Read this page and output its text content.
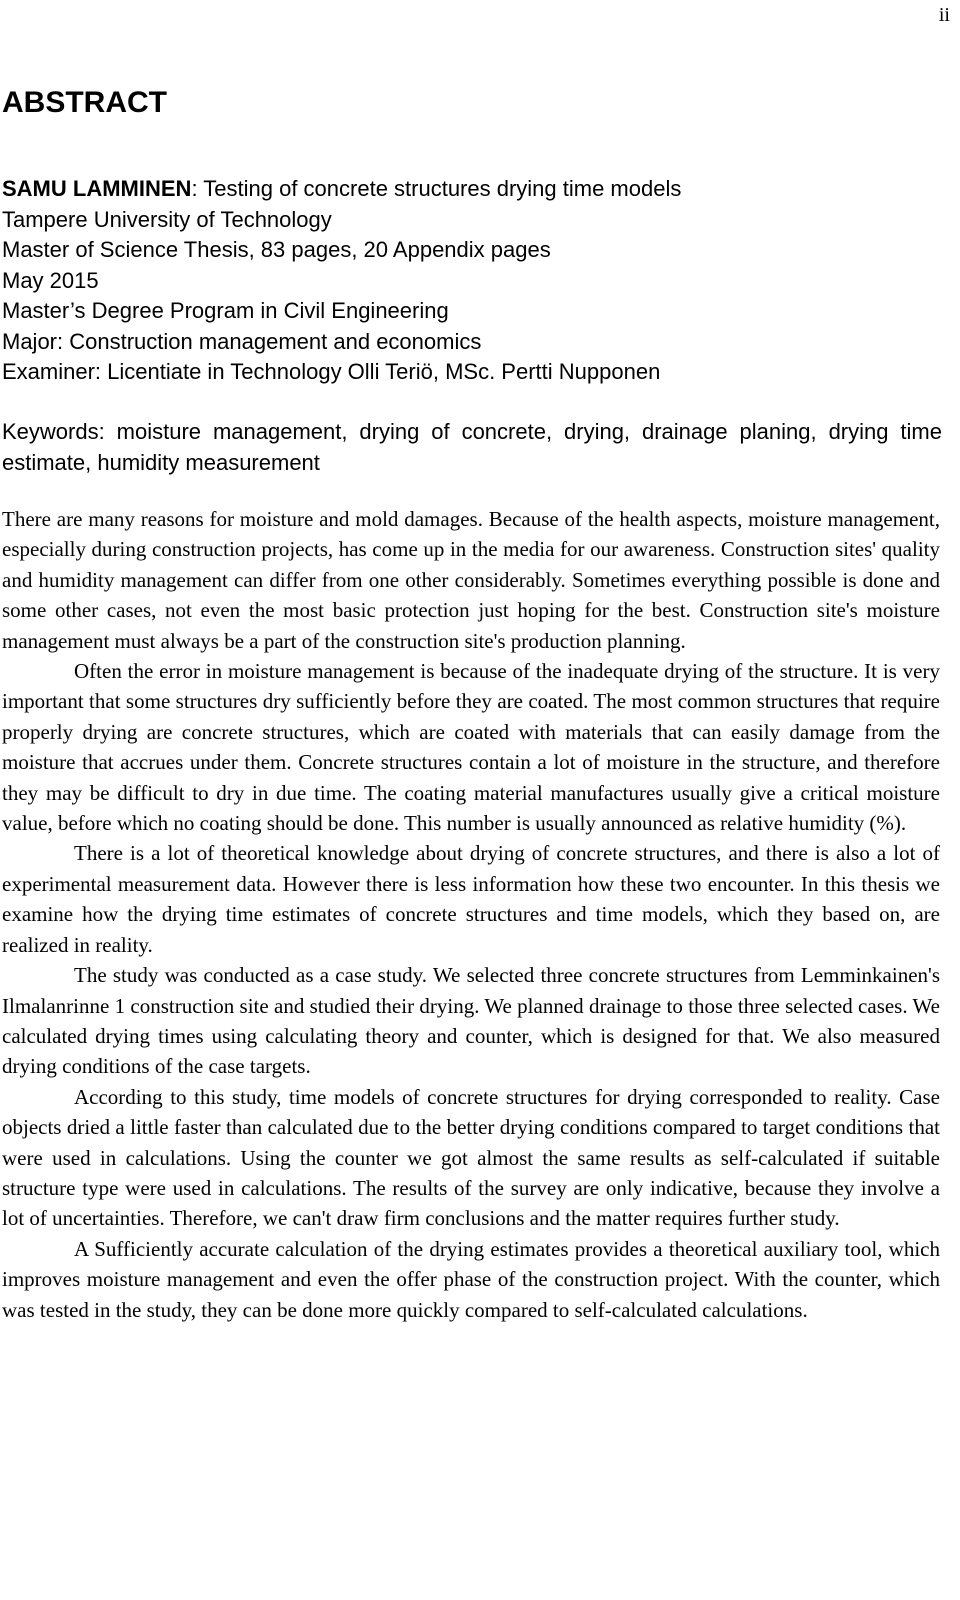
ii
ABSTRACT
SAMU LAMMINEN: Testing of concrete structures drying time models
Tampere University of Technology
Master of Science Thesis, 83 pages, 20 Appendix pages
May 2015
Master’s Degree Program in Civil Engineering
Major: Construction management and economics
Examiner: Licentiate in Technology Olli Teriö, MSc. Pertti Nupponen
Keywords: moisture management, drying of concrete, drying, drainage planing, drying time estimate, humidity measurement

There are many reasons for moisture and mold damages. Because of the health aspects, moisture management, especially during construction projects, has come up in the media for our awareness. Construction sites' quality and humidity management can differ from one other considerably. Sometimes everything possible is done and some other cases, not even the most basic protection just hoping for the best. Construction site's moisture management must always be a part of the construction site's production planning.

Often the error in moisture management is because of the inadequate drying of the structure. It is very important that some structures dry sufficiently before they are coated. The most common structures that require properly drying are concrete structures, which are coated with materials that can easily damage from the moisture that accrues under them. Concrete structures contain a lot of moisture in the structure, and therefore they may be difficult to dry in due time. The coating material manufactures usually give a critical moisture value, before which no coating should be done. This number is usually announced as relative humidity (%).

There is a lot of theoretical knowledge about drying of concrete structures, and there is also a lot of experimental measurement data. However there is less information how these two encounter. In this thesis we examine how the drying time estimates of concrete structures and time models, which they based on, are realized in reality.

The study was conducted as a case study. We selected three concrete structures from Lemminkainen's Ilmalanrinne 1 construction site and studied their drying. We planned drainage to those three selected cases. We calculated drying times using calculating theory and counter, which is designed for that. We also measured drying conditions of the case targets.

According to this study, time models of concrete structures for drying corresponded to reality. Case objects dried a little faster than calculated due to the better drying conditions compared to target conditions that were used in calculations. Using the counter we got almost the same results as self-calculated if suitable structure type were used in calculations. The results of the survey are only indicative, because they involve a lot of uncertainties. Therefore, we can't draw firm conclusions and the matter requires further study.

A Sufficiently accurate calculation of the drying estimates provides a theoretical auxiliary tool, which improves moisture management and even the offer phase of the construction project. With the counter, which was tested in the study, they can be done more quickly compared to self-calculated calculations.
